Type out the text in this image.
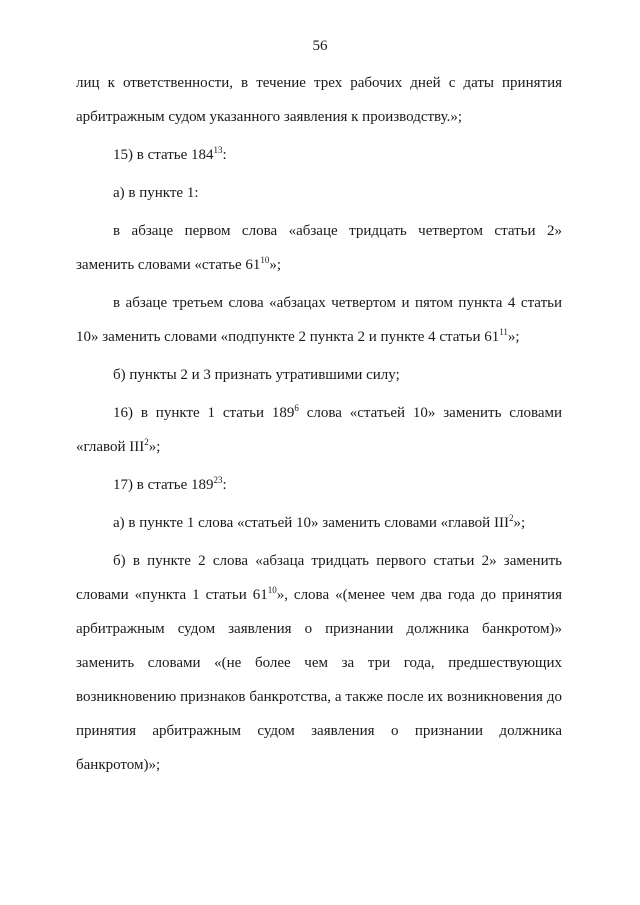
56
лиц к ответственности, в течение трех рабочих дней с даты принятия
арбитражным судом указанного заявления к производству.»;
15) в статье $184^{13}$:
а) в пункте 1:
в абзаце первом слова «абзаце тридцать четвертом статьи 2»
заменить словами «статье $61^{10}$»;
в абзаце третьем слова «абзацах четвертом и пятом пункта 4 статьи
10» заменить словами «подпункте 2 пункта 2 и пункте 4 статьи $61^{11}$»;
б) пункты 2 и 3 признать утратившими силу;
16) в пункте 1 статьи $189^6$ слова «статьей 10» заменить словами
«главой III$^2$»;
17) в статье $189^{23}$:
а) в пункте 1 слова «статьей 10» заменить словами «главой III$^2$»;
б) в пункте 2 слова «абзаца тридцать первого статьи 2» заменить
словами «пункта 1 статьи $61^{10}$», слова «(менее чем два года до принятия
арбитражным судом заявления о признании должника банкротом)»
заменить словами «(не более чем за три года, предшествующих
возникновению признаков банкротства, а также после их возникновения до
принятия арбитражным судом заявления о признании должника
банкротом)»;
